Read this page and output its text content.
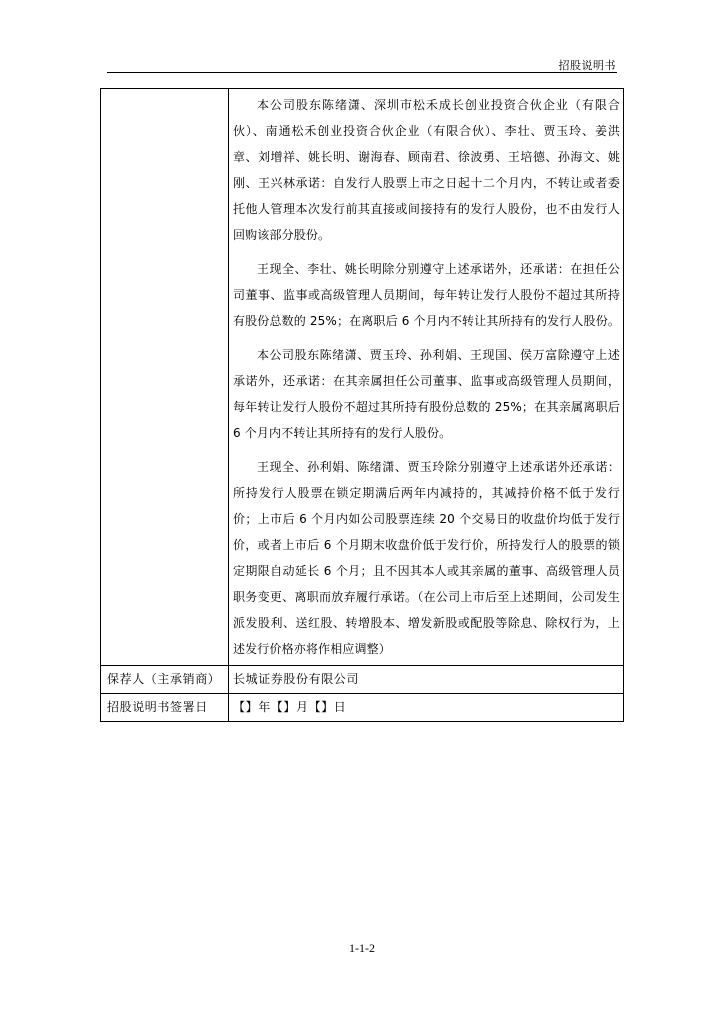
招股说明书

	本公司股东陈绪潇、深圳市松禾成长创业投资合伙企业（有限合伙）、南通松禾创业投资合伙企业（有限合伙）、李壮、贾玉玲、姜洪章、刘增祥、姚长明、谢海春、顾南君、徐波勇、王培德、孙海文、姚刚、王兴林承诺：自发行人股票上市之日起十二个月内，不转让或者委托他人管理本次发行前其直接或间接持有的发行人股份，也不由发行人回购该部分股份。

王现全、李壮、姚长明除分别遵守上述承诺外，还承诺：在担任公司董事、监事或高级管理人员期间，每年转让发行人股份不超过其所持有股份总数的 25%；在离职后 6 个月内不转让其所持有的发行人股份。

本公司股东陈绪潇、贾玉玲、孙利娟、王现国、侯万富除遵守上述承诺外，还承诺：在其亲属担任公司董事、监事或高级管理人员期间，每年转让发行人股份不超过其所持有股份总数的 25%；在其亲属离职后 6 个月内不转让其所持有的发行人股份。

王现全、孙利娟、陈绪潇、贾玉玲除分别遵守上述承诺外还承诺：所持发行人股票在锁定期满后两年内减持的，其减持价格不低于发行价；上市后 6 个月内如公司股票连续 20 个交易日的收盘价均低于发行价，或者上市后 6 个月期末收盘价低于发行价，所持发行人的股票的锁定期限自动延长 6 个月；且不因其本人或其亲属的董事、高级管理人员职务变更、离职而放弃履行承诺。（在公司上市后至上述期间，公司发生派发股利、送红股、转增股本、增发新股或配股等除息、除权行为，上述发行价格亦将作相应调整）

保荐人（主承销商）	长城证券股份有限公司
招股说明书签署日	【】年【】月【】日
1-1-2
